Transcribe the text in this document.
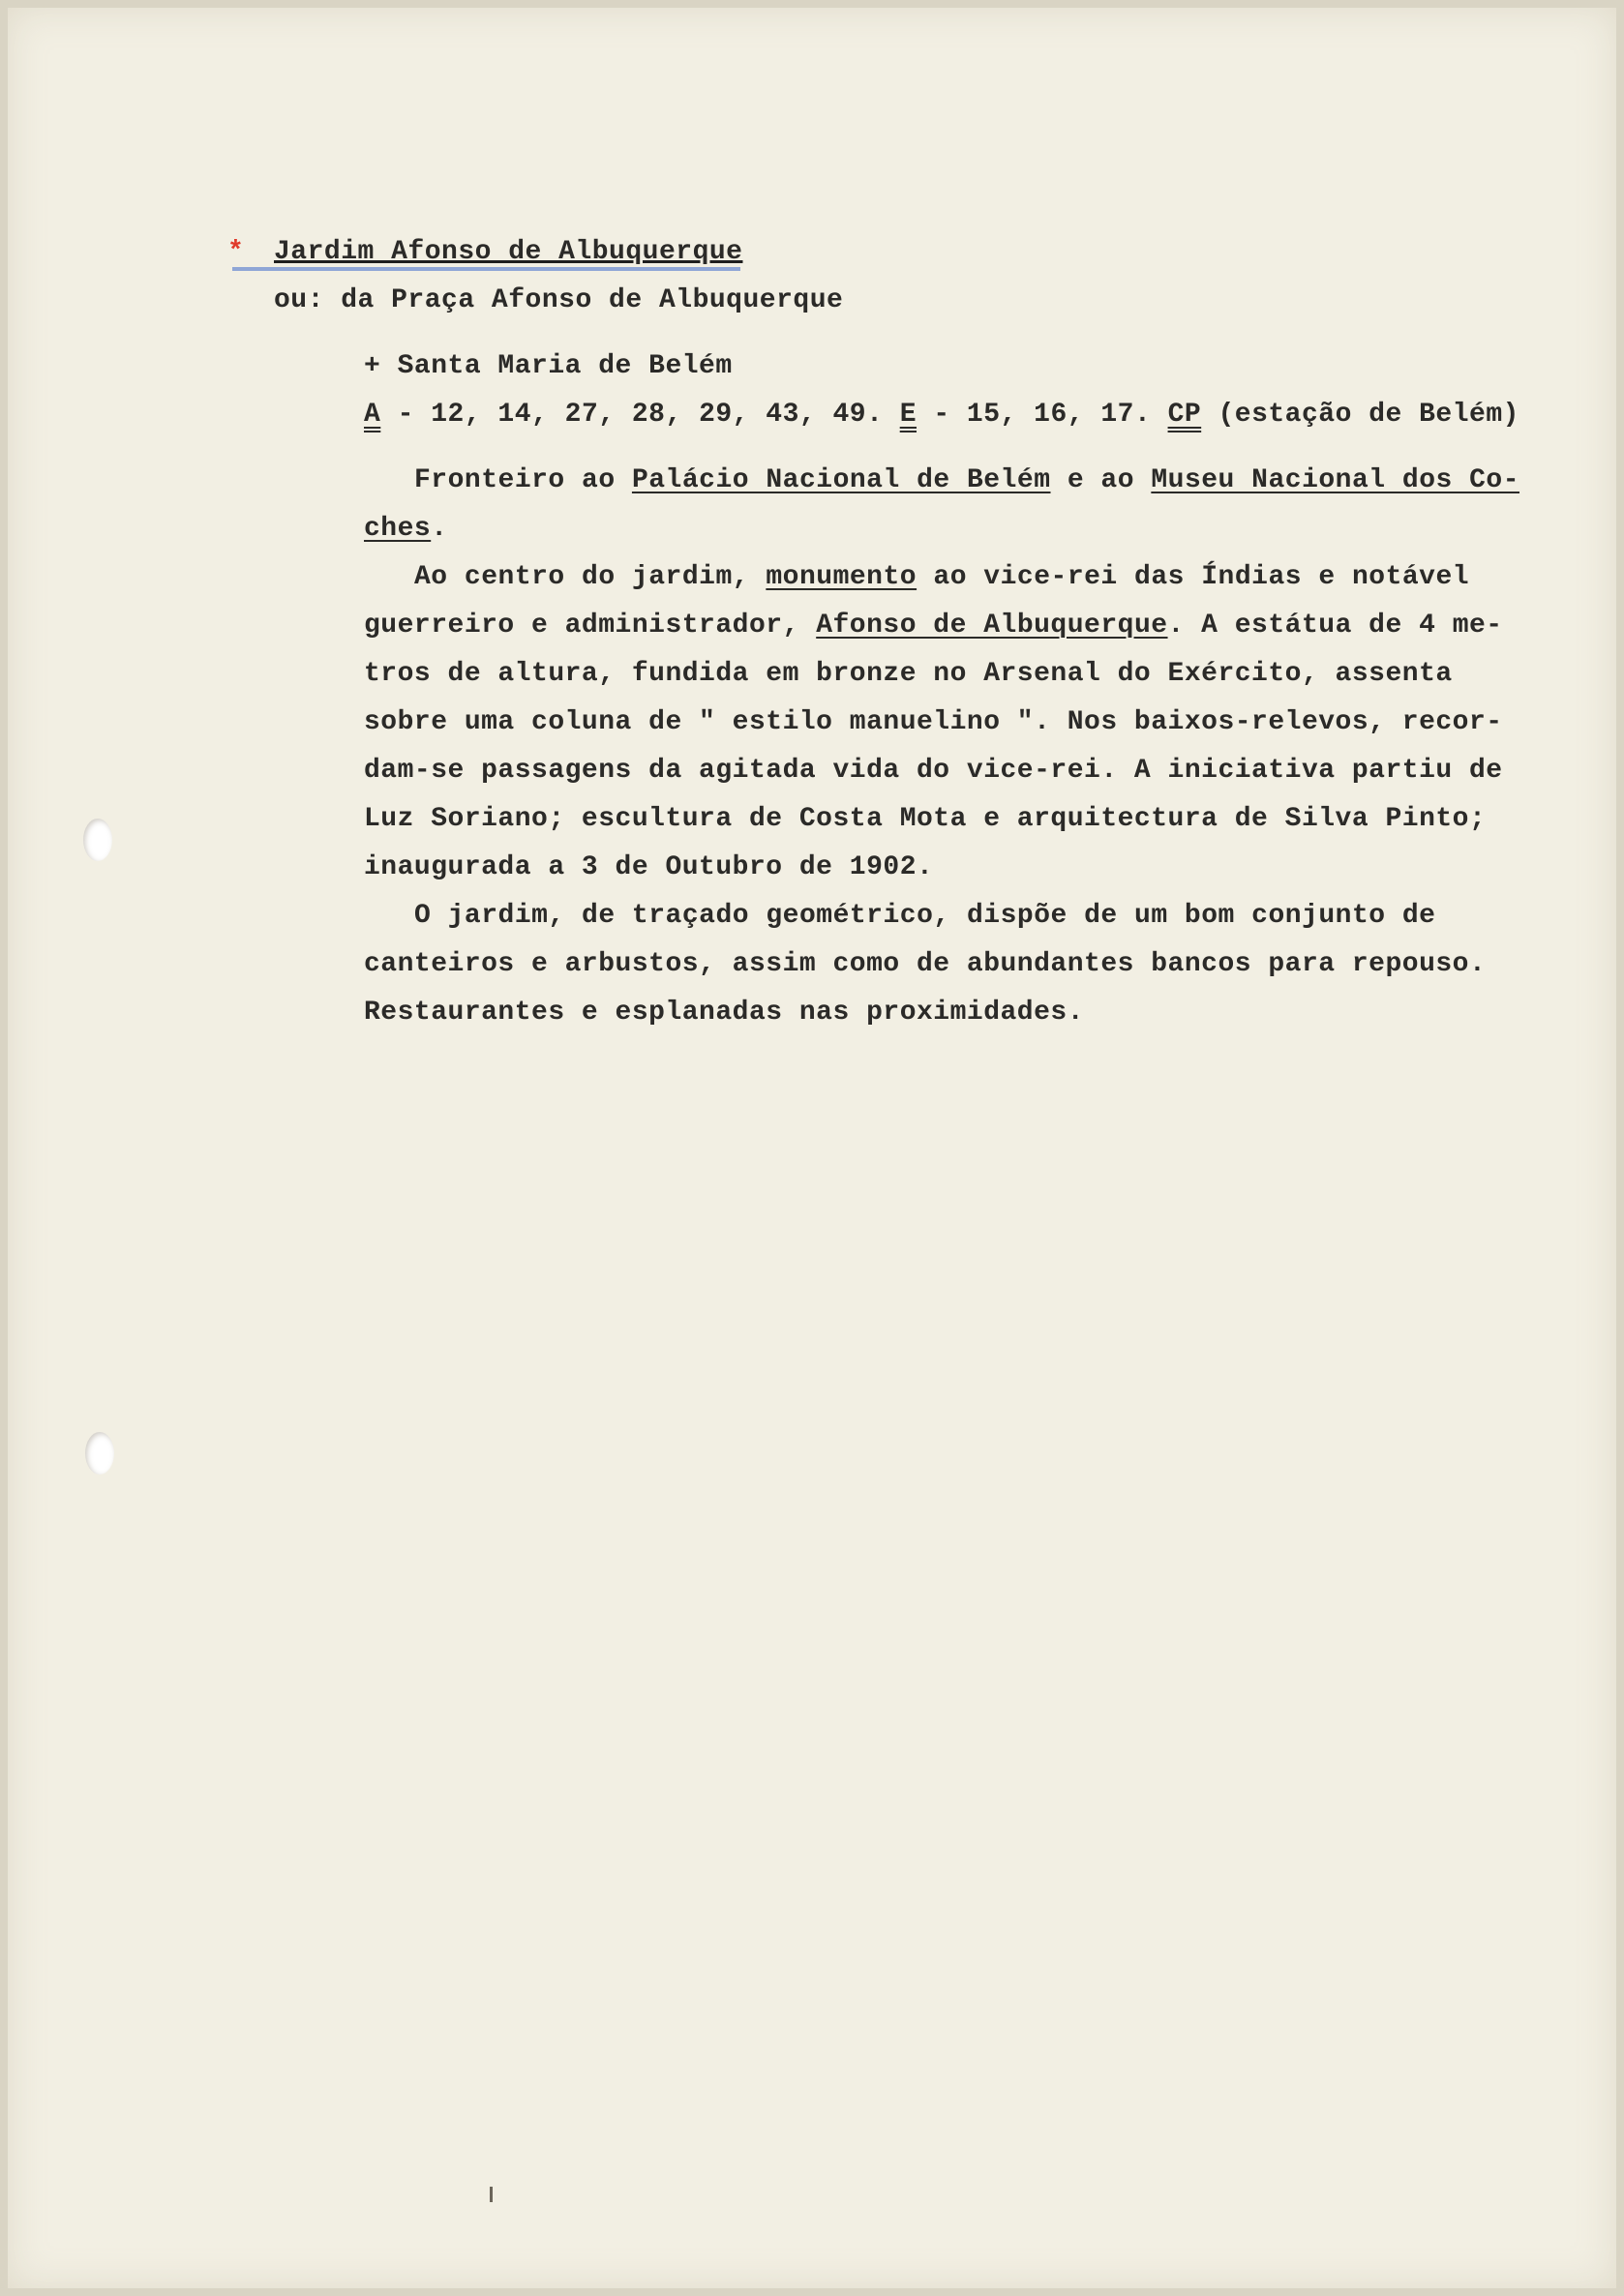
* Jardim Afonso de Albuquerque
ou: da Praça Afonso de Albuquerque
+ Santa Maria de Belém
A - 12, 14, 27, 28, 29, 43, 49. E - 15, 16, 17. CP (estação de Belém)
Fronteiro ao Palácio Nacional de Belém e ao Museu Nacional dos Co-
ches.
Ao centro do jardim, monumento ao vice-rei das Índias e notável
guerreiro e administrador, Afonso de Albuquerque. A estátua de 4 me-
tros de altura, fundida em bronze no Arsenal do Exército, assenta
sobre uma coluna de " estilo manuelino ". Nos baixos-relevos, recor-
dam-se passagens da agitada vida do vice-rei. A iniciativa partiu de
Luz Soriano; escultura de Costa Mota e arquitectura de Silva Pinto;
inaugurada a 3 de Outubro de 1902.
O jardim, de traçado geométrico, dispõe de um bom conjunto de
canteiros e arbustos, assim como de abundantes bancos para repouso.
Restaurantes e esplanadas nas proximidades.
